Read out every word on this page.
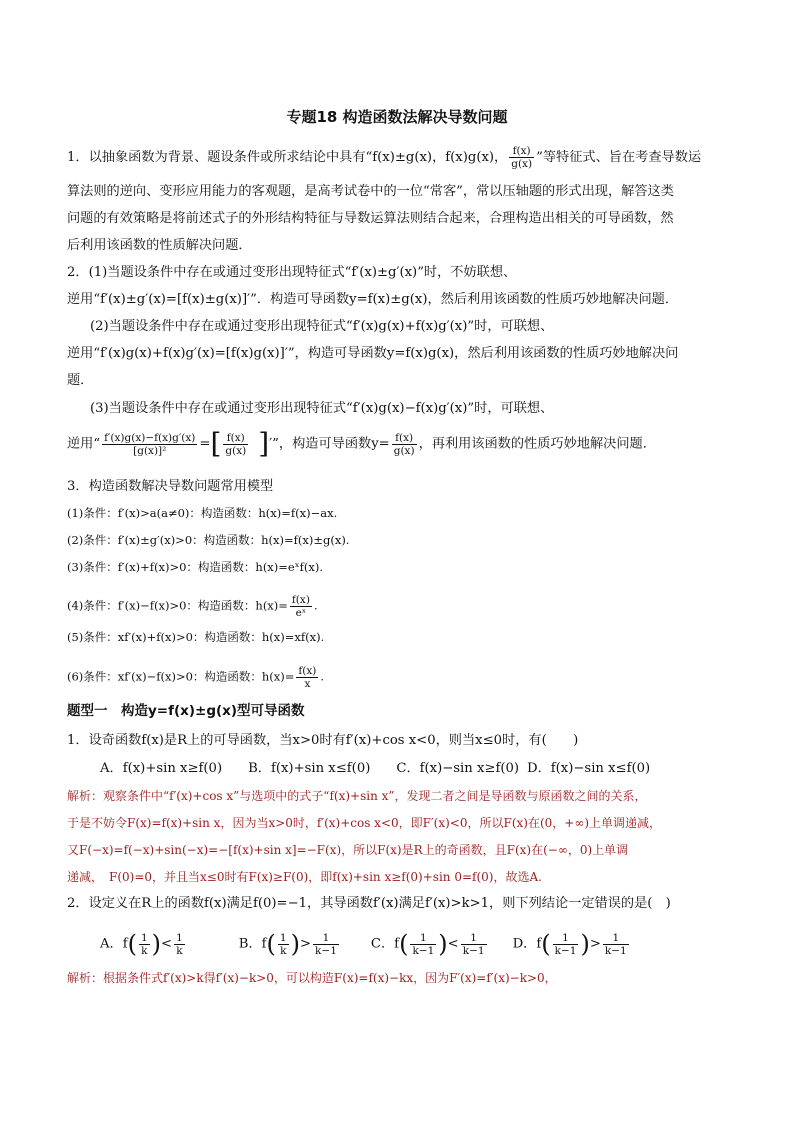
专题18 构造函数法解决导数问题
1．以抽象函数为背景、题设条件或所求结论中具有“f(x)±g(x)，f(x)g(x)， $\frac{f(x)}{g(x)}$ ”等特征式、旨在考查导数运
算法则的逆向、变形应用能力的客观题，是高考试卷中的一位“常客”，常以压轴题的形式出现，解答这类
问题的有效策略是将前述式子的外形结构特征与导数运算法则结合起来，合理构造出相关的可导函数，然
后利用该函数的性质解决问题．
2．(1)当题设条件中存在或通过变形出现特征式“f′(x)±g′(x)”时，不妨联想、
逆用“f′(x)±g′(x)=[f(x)±g(x)]′”．构造可导函数y=f(x)±g(x)，然后利用该函数的性质巧妙地解决问题．
(2)当题设条件中存在或通过变形出现特征式“f′(x)g(x)+f(x)g′(x)”时，可联想、
逆用“f′(x)g(x)+f(x)g′(x)=[f(x)g(x)]′”，构造可导函数y=f(x)g(x)，然后利用该函数的性质巧妙地解决问
题．
(3)当题设条件中存在或通过变形出现特征式“f′(x)g(x)−f(x)g′(x)”时，可联想、
逆用“ $\frac{f'(x)g(x)-f(x)g'(x)}{\text{[g(x)]²}}$ =[ $\frac{f(x)}{g(x)}$ ]′”，构造可导函数$y= \frac{f(x)}{g(x)}$ ，再利用该函数的性质巧妙地解决问题．
3．构造函数解决导数问题常用模型
(1)条件：f′(x)>a(a≠0)：构造函数：h(x)=f(x)−ax.
(2)条件：f′(x)±g′(x)>0：构造函数：h(x)=f(x)±g(x).
(3)条件：f′(x)+f(x)>0：构造函数：h(x)=eˣf(x).
(4)条件：f′(x)−f(x)>0：构造函数：$h(x)= \frac{f(x)}{\text{eˣ}}$ .
(5)条件：xf′(x)+f(x)>0：构造函数：h(x)=xf(x).
(6)条件：xf′(x)−f(x)>0：构造函数：$h(x)= \frac{f(x)}{x}$ .
题型一　构造y=f(x)±g(x)型可导函数
1．设奇函数f(x)是R上的可导函数，当x>0时有f′(x)+cos x<0，则当x≤0时，有(　　)
A．f(x)+sin x≥f(0) B．f(x)+sin x≤f(0) C．f(x)−sin x≥f(0) D．f(x)−sin x≤f(0)
解析：观察条件中“f′(x)+cos x”与选项中的式子“f(x)+sin x”，发现二者之间是导函数与原函数之间的关系，
于是不妨令F(x)=f(x)+sin x，因为当x>0时，f′(x)+cos x<0，即F′(x)<0，所以F(x)在(0，+∞)上单调递减，
又F(−x)=f(−x)+sin(−x)=−[f(x)+sin x]=−F(x)，所以F(x)是R上的奇函数，且F(x)在(−∞，0)上单调
递减，　F(0)=0，并且当x≤0时有F(x)≥F(0)，即f(x)+sin x≥f(0)+sin 0=f(0)，故选A.
2．设定义在R上的函数f(x)满足f(0)=−1，其导函数f′(x)满足f′(x)>k>1，则下列结论一定错误的是(　)
A．$f( \frac{1}{k}$ )< $\frac{1}{k}$	B．$f( \frac{1}{k}$ )> $\frac{1}{k-1}$ C．$f( \frac{1}{k-1}$ )< $\frac{1}{k-1}$ D．$f( \frac{1}{k-1}$ )> $\frac{1}{k-1}$
解析：根据条件式f′(x)>k得f′(x)−k>0，可以构造F(x)=f(x)−kx，因为F′(x)=f′(x)−k>0，
